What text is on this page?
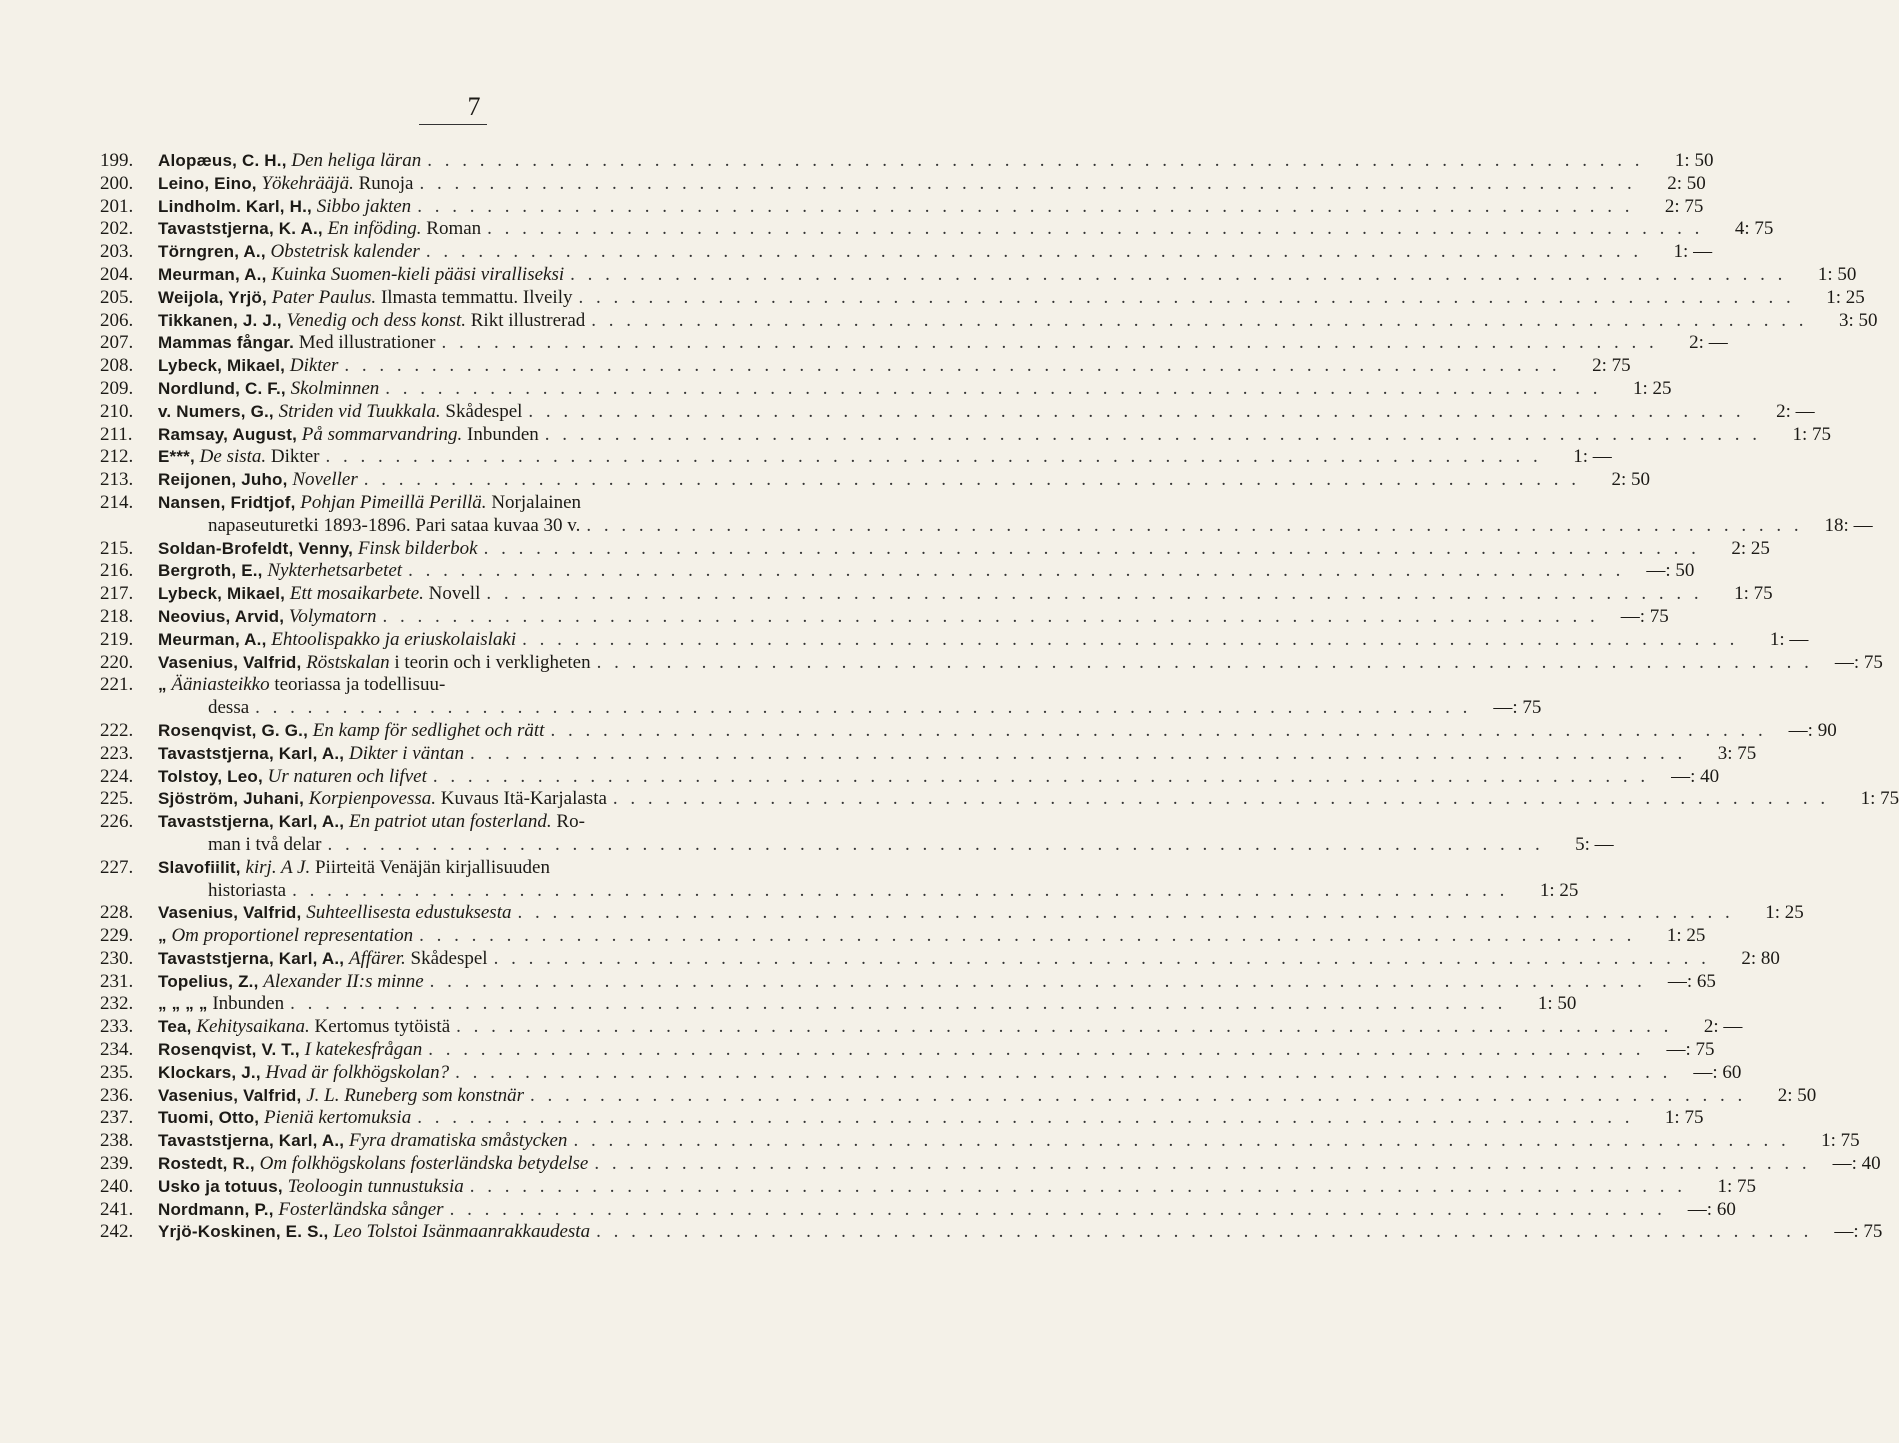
7
199.	Alopæus, C. H., Den heliga läran . . .	1: 50
200.	Leino, Eino, Yökehrääjä. Runoja . . .	2: 50
201.	Lindholm. Karl, H., Sibbo jakten . . .	2: 75
202.	Tavaststjerna, K. A., En inföding. Roman . . .	4: 75
203.	Törngren, A., Obstetrisk kalender . . .	1: —
204.	Meurman, A., Kuinka Suomen-kieli pääsi viralliseksi . . .	1: 50
205.	Weijola, Yrjö, Pater Paulus. Ilmasta temmattu. Ilveily . . .	1: 25
206.	Tikkanen, J. J., Venedig och dess konst. Rikt illustrerad . . .	3: 50
207.	Mammas fångar. Med illustrationer . . .	2: —
208.	Lybeck, Mikael, Dikter . . .	2: 75
209.	Nordlund, C. F., Skolminnen . . .	1: 25
210.	v. Numers, G., Striden vid Tuukkala. Skådespel . . .	2: —
211.	Ramsay, August, På sommarvandring. Inbunden . . .	1: 75
212.	E***, De sista. Dikter . . .	1: —
213.	Reijonen, Juho, Noveller . . .	2: 50
214.	Nansen, Fridtjof, Pohjan Pimeillä Perillä. Norjalainen
napaseuturetki 1893-1896. Pari sataa kuvaa 30 v. . . .	18: —
215.	Soldan-Brofeldt, Venny, Finsk bilderbok . . .	2: 25
216.	Bergroth, E., Nykterhetsarbetet . . .	—: 50
217.	Lybeck, Mikael, Ett mosaikarbete. Novell . . .	1: 75
218.	Neovius, Arvid, Volymatorn . . .	—: 75
219.	Meurman, A., Ehtoolispakko ja eriuskolaislaki . . .	1: —
220.	Vasenius, Valfrid, Röstskalan i teorin och i verkligheten . . .	—: 75
221.	„ Ääniasteikko teoriassa ja todellisuu-
dessa . . .	—: 75
222.	Rosenqvist, G. G., En kamp för sedlighet och rätt . . .	—: 90
223.	Tavaststjerna, Karl, A., Dikter i väntan . . .	3: 75
224.	Tolstoy, Leo, Ur naturen och lifvet . . .	—: 40
225.	Sjöström, Juhani, Korpienpovessa. Kuvaus Itä-Karjalasta . . .	1: 75
226.	Tavaststjerna, Karl, A., En patriot utan fosterland. Ro-
man i två delar . . .	5: —
227.	Slavofiilit, kirj. A J. Piirteitä Venäjän kirjallisuuden
historiasta . . .	1: 25
228.	Vasenius, Valfrid, Suhteellisesta edustuksesta . . .	1: 25
229.	„ Om proportionel representation . . .	1: 25
230.	Tavaststjerna, Karl, A., Affärer. Skådespel . . .	2: 80
231.	Topelius, Z., Alexander II:s minne . . .	—: 65
232.	„ „ „ „ Inbunden . . .	1: 50
233.	Tea, Kehitysaikana. Kertomus tytöistä . . .	2: —
234.	Rosenqvist, V. T., I katekesfrågan . . .	—: 75
235.	Klockars, J., Hvad är folkhögskolan? . . .	—: 60
236.	Vasenius, Valfrid, J. L. Runeberg som konstnär . . .	2: 50
237.	Tuomi, Otto, Pieniä kertomuksia . . .	1: 75
238.	Tavaststjerna, Karl, A., Fyra dramatiska småstycken . . .	1: 75
239.	Rostedt, R., Om folkhögskolans fosterländska betydelse . . .	—: 40
240.	Usko ja totuus, Teoloogin tunnustuksia . . .	1: 75
241.	Nordmann, P., Fosterländska sånger . . .	—: 60
242.	Yrjö-Koskinen, E. S., Leo Tolstoi Isänmaanrakkaudesta . . .	—: 75
